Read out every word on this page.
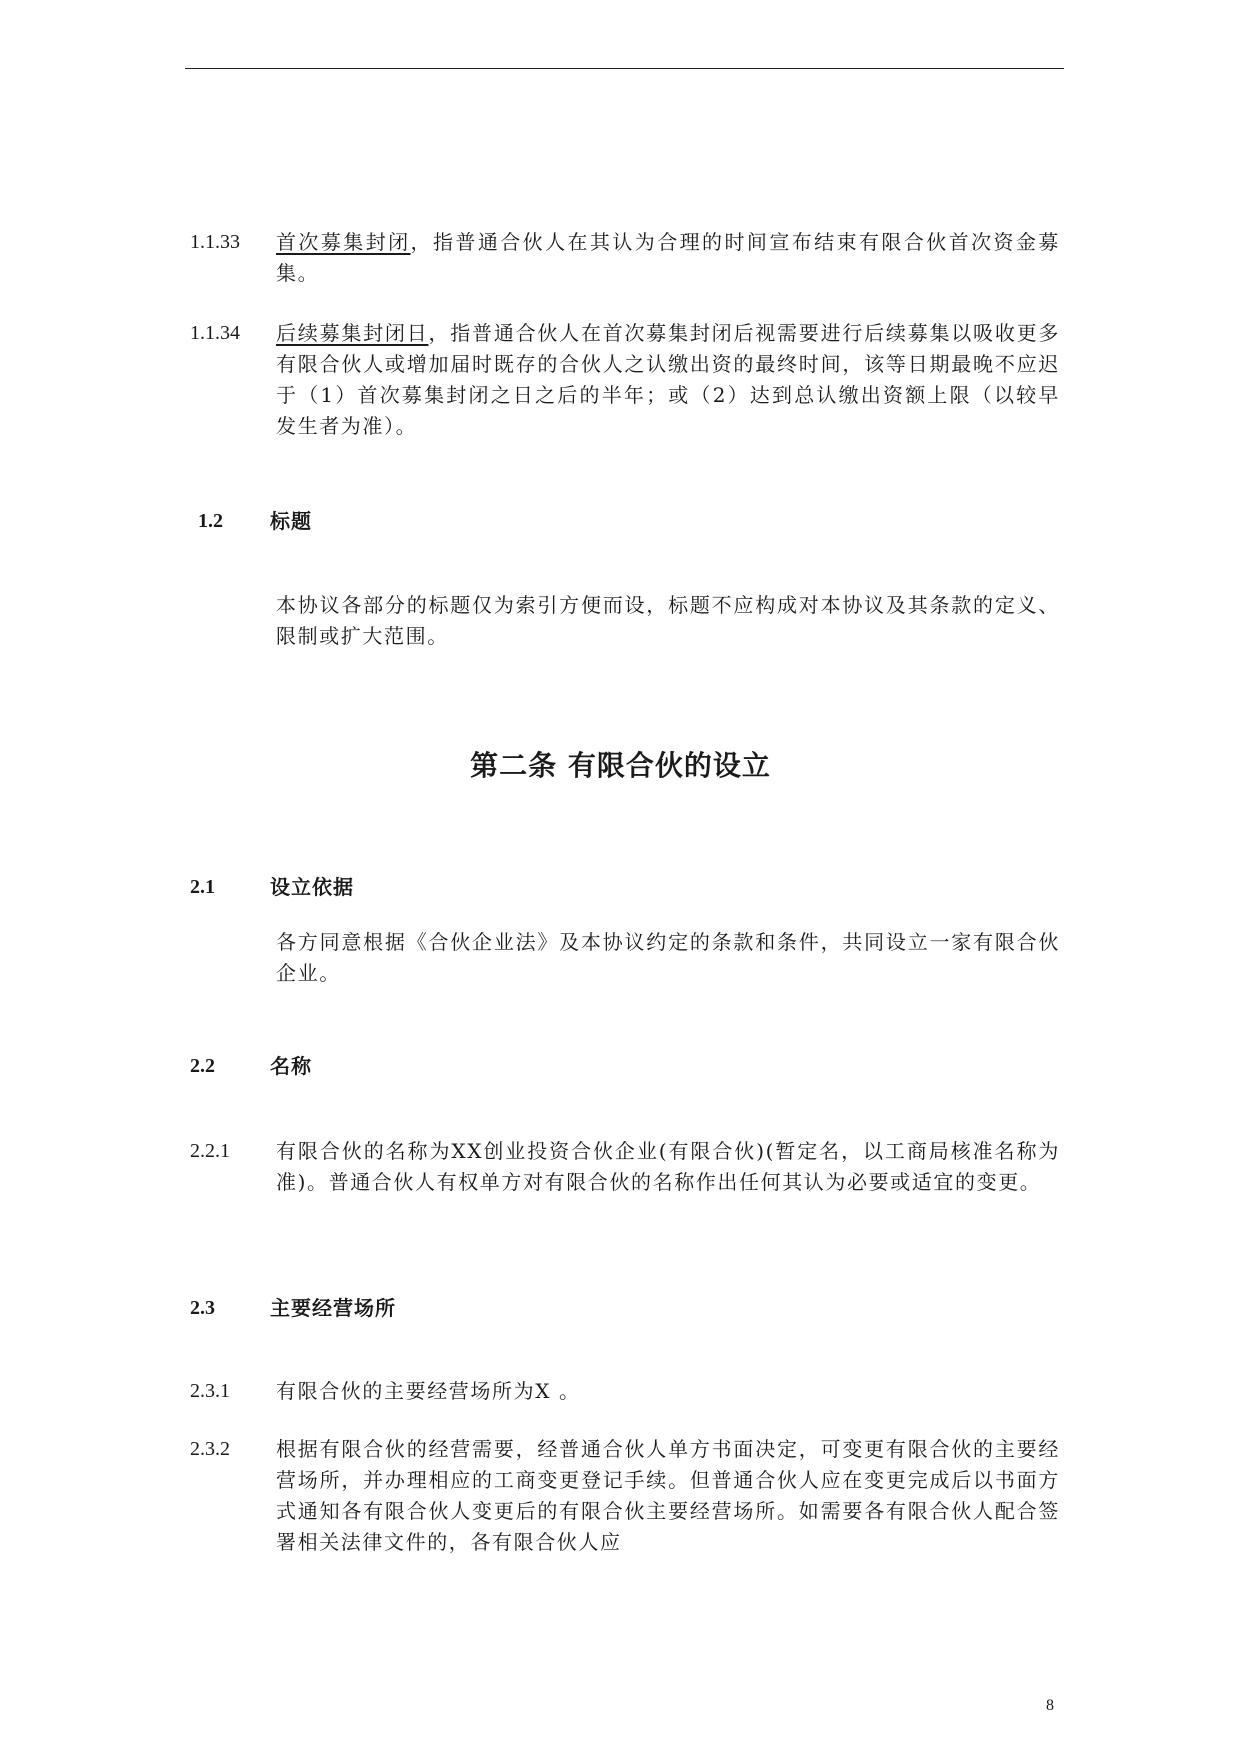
1.1.33 首次募集封闭，指普通合伙人在其认为合理的时间宣布结束有限合伙首次资金募集。
1.1.34 后续募集封闭日，指普通合伙人在首次募集封闭后视需要进行后续募集以吸收更多有限合伙人或增加届时既存的合伙人之认缴出资的最终时间，该等日期最晚不应迟于（1）首次募集封闭之日之后的半年；或（2）达到总认缴出资额上限（以较早发生者为准）。
1.2 标题
本协议各部分的标题仅为索引方便而设，标题不应构成对本协议及其条款的定义、限制或扩大范围。
第二条 有限合伙的设立
2.1	设立依据
各方同意根据《合伙企业法》及本协议约定的条款和条件，共同设立一家有限合伙企业。
2.2	名称
2.2.1 有限合伙的名称为XX创业投资合伙企业(有限合伙)(暂定名，以工商局核准名称为准)。普通合伙人有权单方对有限合伙的名称作出任何其认为必要或适宜的变更。
2.3	主要经营场所
2.3.1 有限合伙的主要经营场所为X 。
2.3.2 根据有限合伙的经营需要，经普通合伙人单方书面决定，可变更有限合伙的主要经营场所，并办理相应的工商变更登记手续。但普通合伙人应在变更完成后以书面方式通知各有限合伙人变更后的有限合伙主要经营场所。如需要各有限合伙人配合签署相关法律文件的，各有限合伙人应
8
